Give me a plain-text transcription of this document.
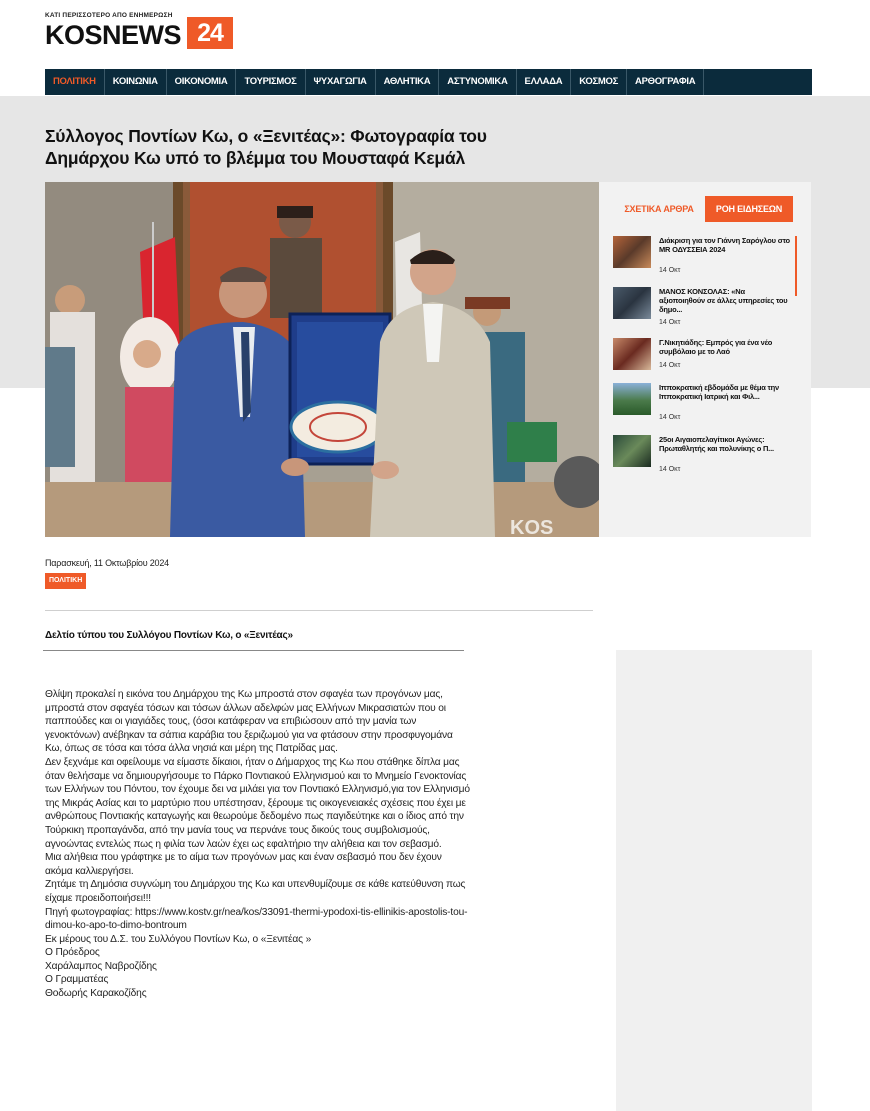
ΚΑΤΙ ΠΕΡΙΣΣΟΤΕΡΟ ΑΠΟ ΕΝΗΜΕΡΩΣΗ
KOSNEWS 24
ΠΟΛΙΤΙΚΗ	ΚΟΙΝΩΝΙΑ	ΟΙΚΟΝΟΜΙΑ	ΤΟΥΡΙΣΜΟΣ	ΨΥΧΑΓΩΓΙΑ	ΑΘΛΗΤΙΚΑ	ΑΣΤΥΝΟΜΙΚΑ	ΕΛΛΑΔΑ	ΚΟΣΜΟΣ	ΑΡΘΟΓΡΑΦΙΑ
Σύλλογος Ποντίων Κω, ο «Ξενιτέας»: Φωτογραφία του Δημάρχου Κω υπό το βλέμμα του Μουσταφά Κεμάλ
KOS
ΣΧΕΤΙΚΑ ΑΡΘΡΑ	ΡΟΗ ΕΙΔΗΣΕΩΝ
Διάκριση για τον Γιάννη Σαρόγλου στο MR ΟΔΥΣΣΕΙΑ 2024
14 Οκτ
ΜΑΝΟΣ ΚΟΝΣΟΛΑΣ: «Να αξιοποιηθούν σε άλλες υπηρεσίες του δημο...
14 Οκτ
Γ.Νικητιάδης: Εμπρός για ένα νέο συμβόλαιο με το Λαό
14 Οκτ
Ιπποκρατική εβδομάδα με θέμα την Ιπποκρατική Ιατρική και Φιλ...
14 Οκτ
25οι Αιγαιοπελαγίτικοι Αγώνες: Πρωταθλητής και πολυνίκης ο Π...
14 Οκτ
Παρασκευή, 11 Οκτωβρίου 2024
ΠΟΛΙΤΙΚΗ
Δελτίο τύπου του Συλλόγου Ποντίων Κω, ο «Ξενιτέας»

Θλίψη προκαλεί η εικόνα του Δημάρχου της Κω μπροστά στον σφαγέα των προγόνων μας, μπροστά στον σφαγέα τόσων και τόσων άλλων αδελφών μας Ελλήνων Μικρασιατών που οι παππούδες και οι γιαγιάδες τους, (όσοι κατάφεραν να επιβιώσουν από την μανία των γενοκτόνων) ανέβηκαν τα σάπια καράβια του ξεριζωμού για να φτάσουν στην προσφυγομάνα Κω, όπως σε τόσα και τόσα άλλα νησιά και μέρη της Πατρίδας μας.

Δεν ξεχνάμε και οφείλουμε να είμαστε δίκαιοι, ήταν ο Δήμαρχος της Κω που στάθηκε δίπλα μας όταν θελήσαμε να δημιουργήσουμε το Πάρκο Ποντιακού Ελληνισμού και το Μνημείο Γενοκτονίας των Ελλήνων του Πόντου, τον έχουμε δει να μιλάει για τον Ποντιακό Ελληνισμό,για τον Ελληνισμό της Μικράς Ασίας και το μαρτύριο που υπέστησαν, ξέρουμε τις οικογενειακές σχέσεις που έχει με ανθρώπους Ποντιακής καταγωγής και θεωρούμε δεδομένο πως παγιδεύτηκε και ο ίδιος από την Τούρκικη προπαγάνδα, από την μανία τους να περνάνε τους δικούς τους συμβολισμούς, αγνοώντας εντελώς πως η φιλία των λαών έχει ως εφαλτήριο την αλήθεια και τον σεβασμό.

Μια αλήθεια που γράφτηκε με το αίμα των προγόνων μας και έναν σεβασμό που δεν έχουν ακόμα καλλιεργήσει.

Ζητάμε τη Δημόσια συγνώμη του Δημάρχου της Κω και υπενθυμίζουμε σε κάθε κατεύθυνση πως είχαμε προειδοποιήσει!!!

Πηγή φωτογραφίας: https://www.kostv.gr/nea/kos/33091-thermi-ypodoxi-tis-ellinikis-apostolis-tou-dimou-ko-apo-to-dimo-bontroum

Εκ μέρους του Δ.Σ. του Συλλόγου Ποντίων Κω, ο «Ξενιτέας »

Ο Πρόεδρος

Χαράλαμπος Ναβροζίδης

Ο Γραμματέας

Θοδωρής Καρακοζίδης
